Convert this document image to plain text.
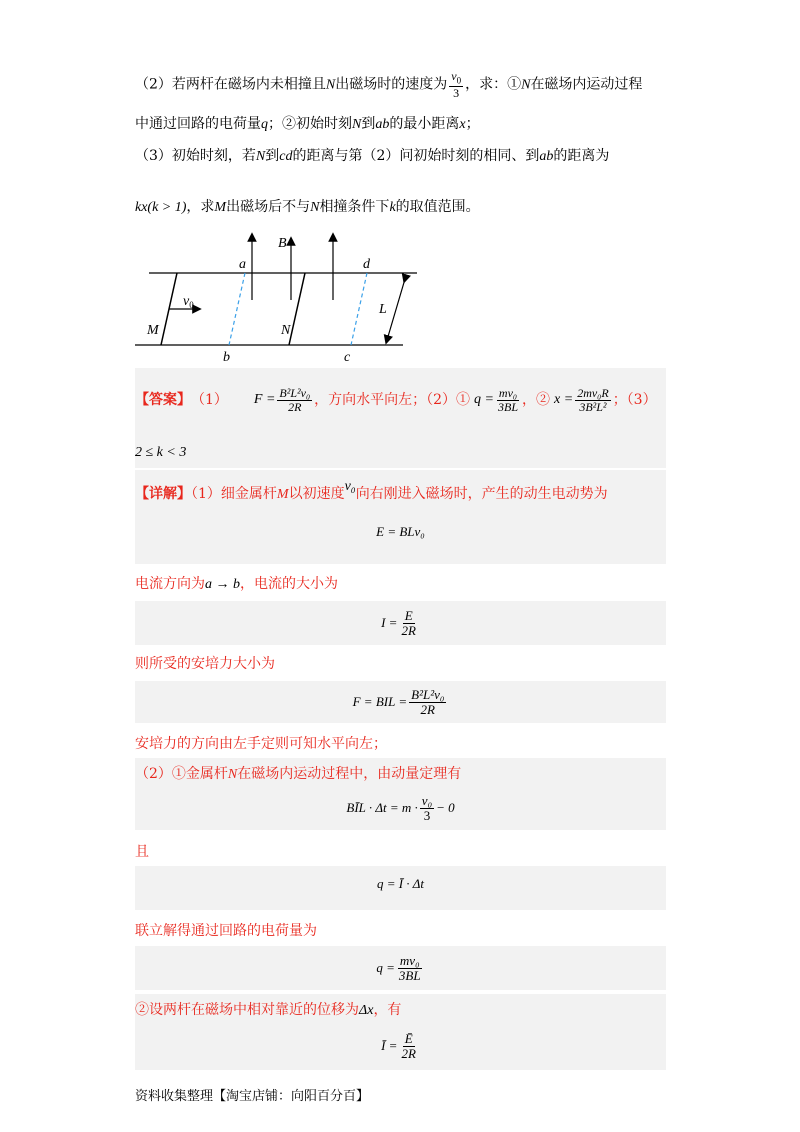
（2）若两杆在磁场内未相撞且N出磁场时的速度为 $\frac{v_0}{3}$ ，求：①N在磁场内运动过程
中通过回路的电荷量q；②初始时刻N到ab的最小距离x；
（3）初始时刻，若N到cd的距离与第（2）问初始时刻的相同、到ab的距离为
kx(k > 1)，求M出磁场后不与N相撞条件下k的取值范围。
a
B
d
$v_0$	L
M	N
b	c
【答案】 （1） $F = \frac{\text{B²L²v₀}}{2R}$ ，方向水平向左；（2）① $q = \frac{\text{mv₀}}{3BL}$ ，② $x = \frac{\text{2mv₀R}}{\text{3B²L²}}$ ；（3）
2 ≤ k < 3
【详解】（1）细金属杆M以初速度v₀向右刚进入磁场时，产生的动生电动势为
E = BLv₀
电流方向为a → b，电流的大小为
$I = \frac{E}{2R}$
则所受的安培力大小为
F = BIL = $\frac{\text{B²L²v₀}}{2R}$
安培力的方向由左手定则可知水平向左；
（2）①金属杆N在磁场内运动过程中，由动量定理有
BĪL · $\Delta t = m \cdot \frac{\text{v₀}}{3} - 0$
且
q = Ī · Δt
联立解得通过回路的电荷量为
$q = \frac{\text{mv₀}}{3BL}$
②设两杆在磁场中相对靠近的位移为Δx，有
Ī = $\frac{Ē}{2R}$
资料收集整理【淘宝店铺：向阳百分百】
